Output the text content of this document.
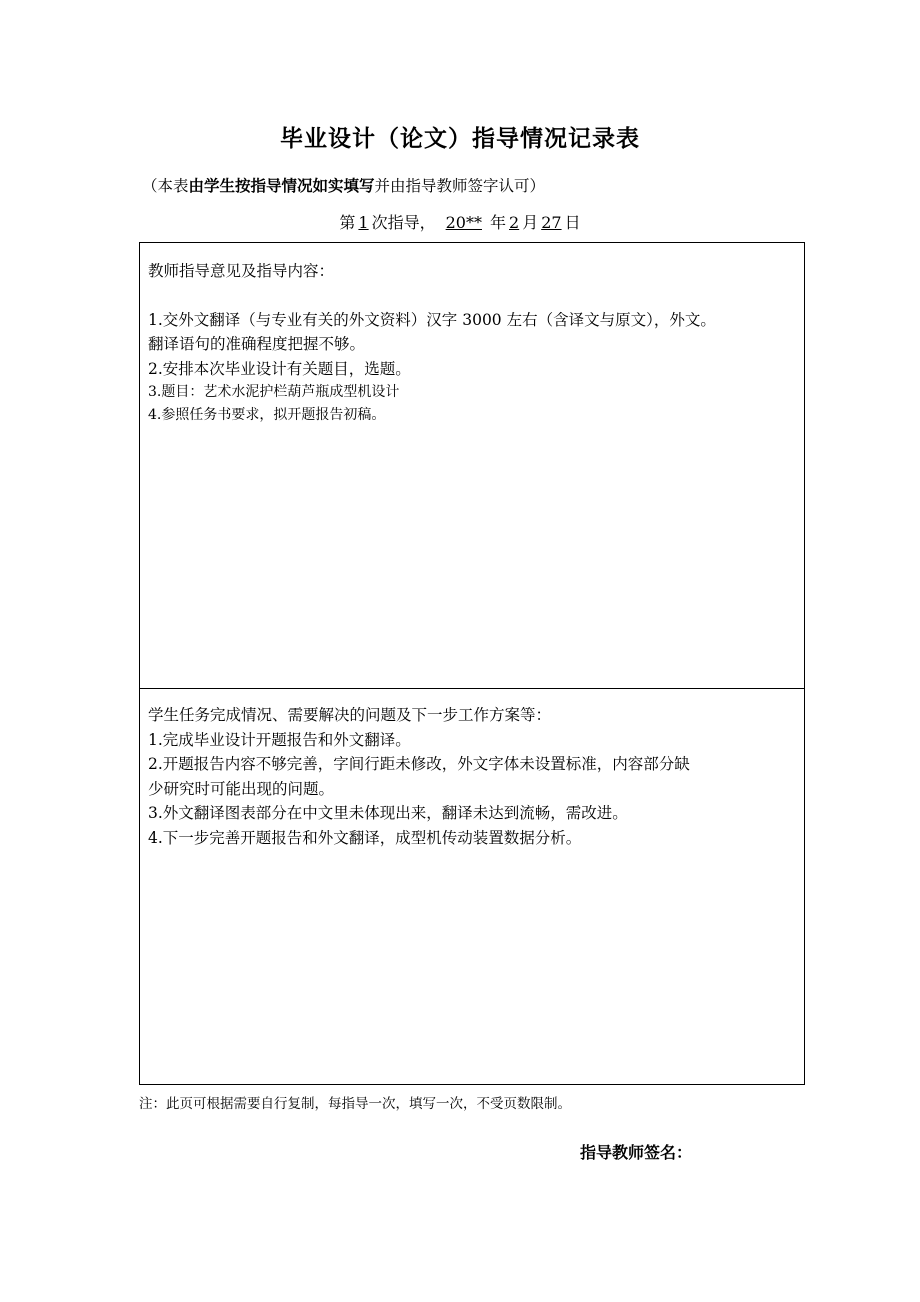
毕业设计（论文）指导情况记录表
（本表由学生按指导情况如实填写并由指导教师签字认可）
第 1 次指导， 20** 年 2 月 27 日
教师指导意见及指导内容：
1.交外文翻译（与专业有关的外文资料）汉字 3000 左右（含译文与原文），外文。
翻译语句的准确程度把握不够。
2.安排本次毕业设计有关题目，选题。
3.题目：艺术水泥护栏葫芦瓶成型机设计
4.参照任务书要求，拟开题报告初稿。
学生任务完成情况、需要解决的问题及下一步工作方案等：
1.完成毕业设计开题报告和外文翻译。
2.开题报告内容不够完善，字间行距未修改，外文字体未设置标准，内容部分缺
少研究时可能出现的问题。
3.外文翻译图表部分在中文里未体现出来，翻译未达到流畅，需改进。
4.下一步完善开题报告和外文翻译，成型机传动装置数据分析。
注：此页可根据需要自行复制，每指导一次，填写一次，不受页数限制。
指导教师签名：
